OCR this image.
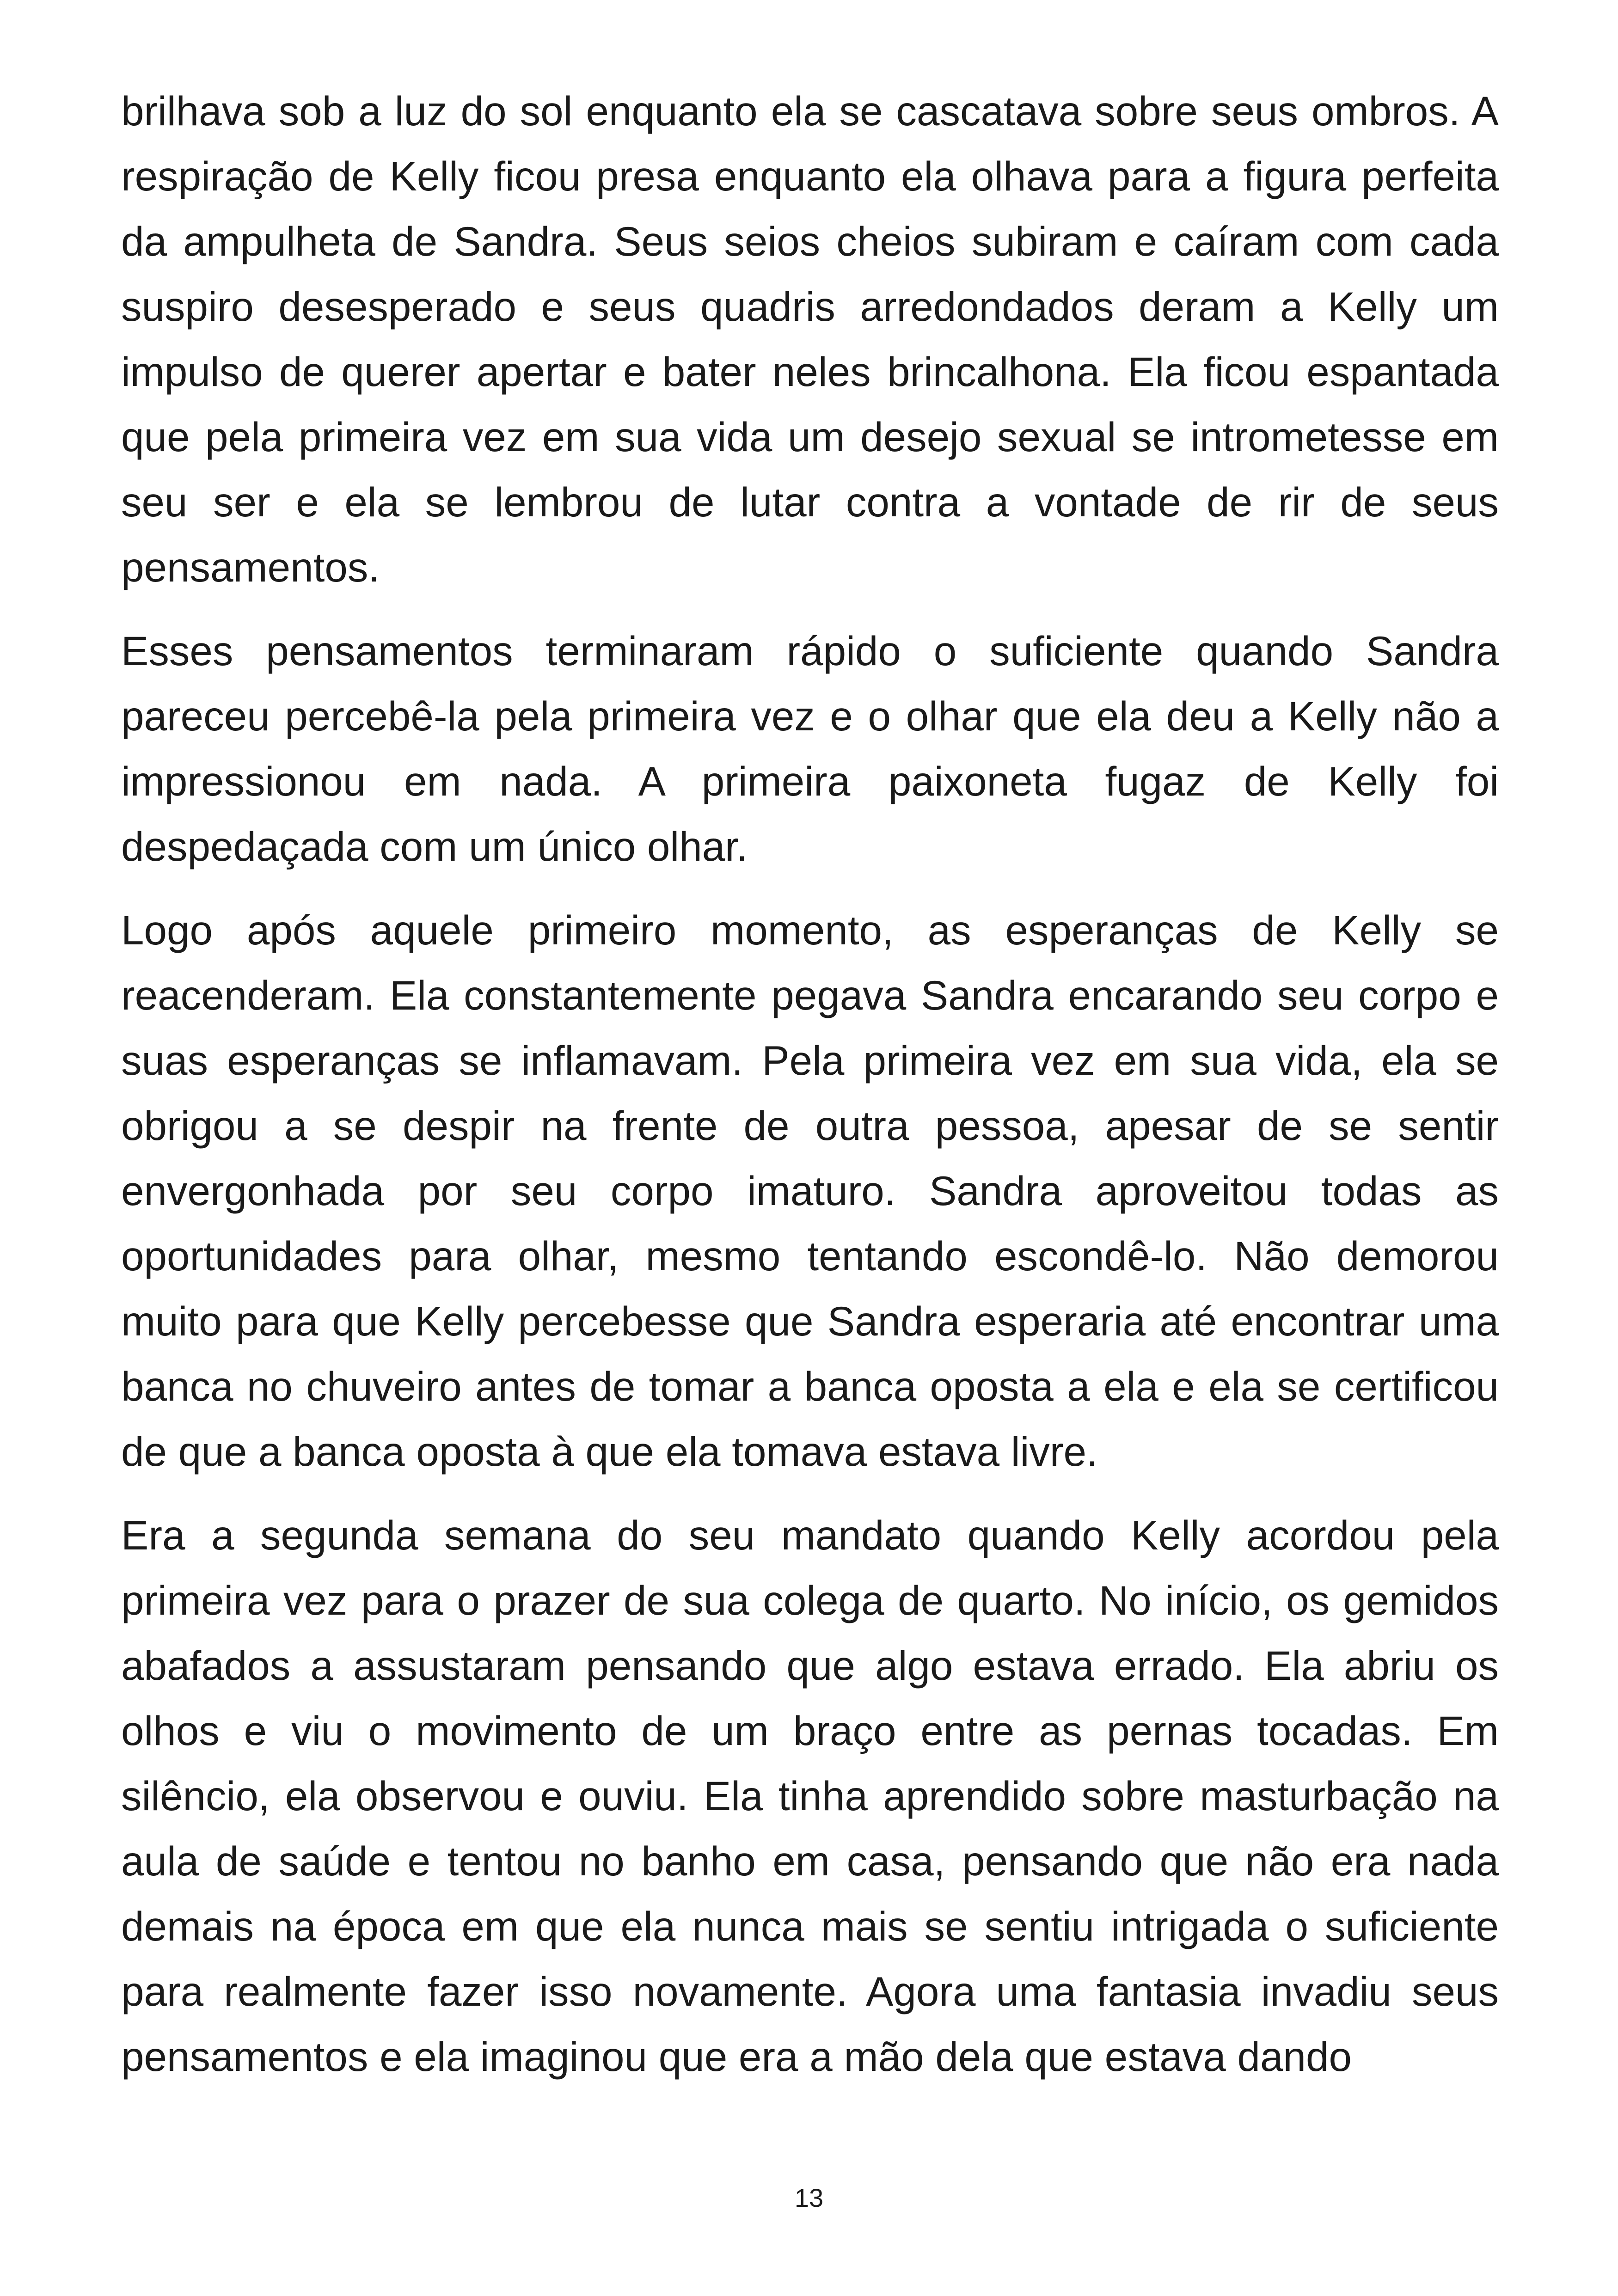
brilhava sob a luz do sol enquanto ela se cascatava sobre seus ombros. A respiração de Kelly ficou presa enquanto ela olhava para a figura perfeita da ampulheta de Sandra. Seus seios cheios subiram e caíram com cada suspiro desesperado e seus quadris arredondados deram a Kelly um impulso de querer apertar e bater neles brincalhona. Ela ficou espantada que pela primeira vez em sua vida um desejo sexual se intrometesse em seu ser e ela se lembrou de lutar contra a vontade de rir de seus pensamentos.

Esses pensamentos terminaram rápido o suficiente quando Sandra pareceu percebê-la pela primeira vez e o olhar que ela deu a Kelly não a impressionou em nada. A primeira paixoneta fugaz de Kelly foi despedaçada com um único olhar.

Logo após aquele primeiro momento, as esperanças de Kelly se reacenderam. Ela constantemente pegava Sandra encarando seu corpo e suas esperanças se inflamavam. Pela primeira vez em sua vida, ela se obrigou a se despir na frente de outra pessoa, apesar de se sentir envergonhada por seu corpo imaturo. Sandra aproveitou todas as oportunidades para olhar, mesmo tentando escondê-lo. Não demorou muito para que Kelly percebesse que Sandra esperaria até encontrar uma banca no chuveiro antes de tomar a banca oposta a ela e ela se certificou de que a banca oposta à que ela tomava estava livre.

Era a segunda semana do seu mandato quando Kelly acordou pela primeira vez para o prazer de sua colega de quarto. No início, os gemidos abafados a assustaram pensando que algo estava errado. Ela abriu os olhos e viu o movimento de um braço entre as pernas tocadas. Em silêncio, ela observou e ouviu. Ela tinha aprendido sobre masturbação na aula de saúde e tentou no banho em casa, pensando que não era nada demais na época em que ela nunca mais se sentiu intrigada o suficiente para realmente fazer isso novamente. Agora uma fantasia invadiu seus pensamentos e ela imaginou que era a mão dela que estava dando

13
